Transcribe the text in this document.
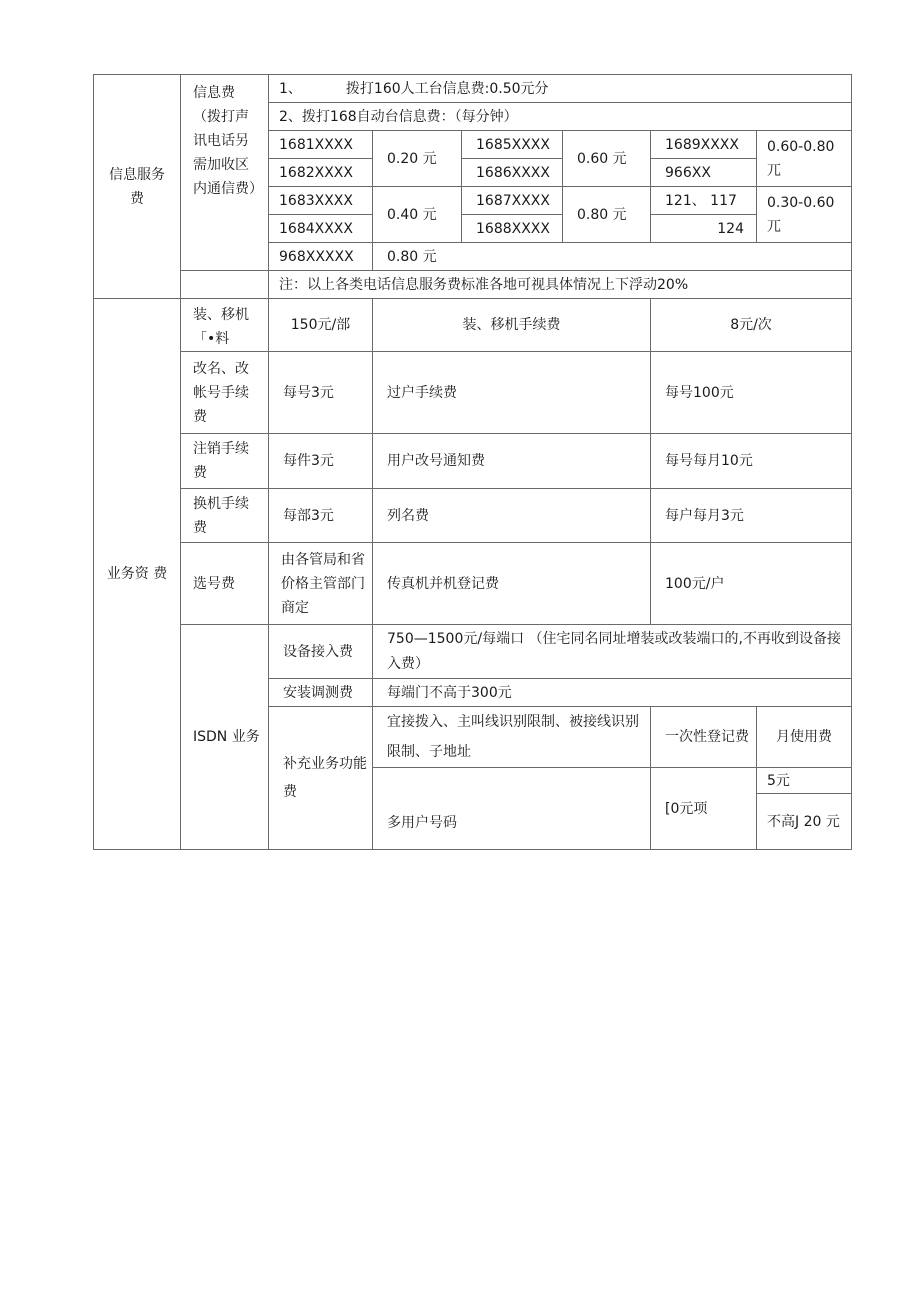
信息服务费	信息费（拨打声讯电话另需加收区内通信费）	1、 拨打160人工台信息费:0.50元分					
		2、拨打168自动台信息费：（每分钟）					
		1681XXXX	0.20 元	1685XXXX	0.60 元	1689XXXX	0.60-0.80 兀
		1682XXXX		1686XXXX		966XX	
		1683XXXX	0.40 元	1687XXXX	0.80 元	121、 117	0.30-0.60 兀
		1684XXXX		1688XXXX		124	
		968XXXXX	0.80 元				
		注：以上各类电话信息服务费标准各地可视具体情况上下浮动20%					
业务资 费	装、移机「•料	150元/部	装、移机手续费			8元/次	
	改名、改帐号手续费	每号3元	过户手续费			每号100元	
	注销手续费	每件3元	用户改号通知费			每号每月10元	
	换机手续费	每部3元	列名费			每户每月3元	
	选号费	由各管局和省价格主管部门商定	传真机并机登记费			100元/户	
	ISDN 业务	设备接入费	750—1500元/每端口 （住宅同名同址增装或改装端口的,不再收到设备接入费）				
		安装调测费	每端门不高于300元				
		补充业务功能费	宜接拨入、主叫线识别限制、被接线识别限制、子地址			一次性登记费	月使用费

			多用户号码			[0元项	5元
							不高J 20 元
